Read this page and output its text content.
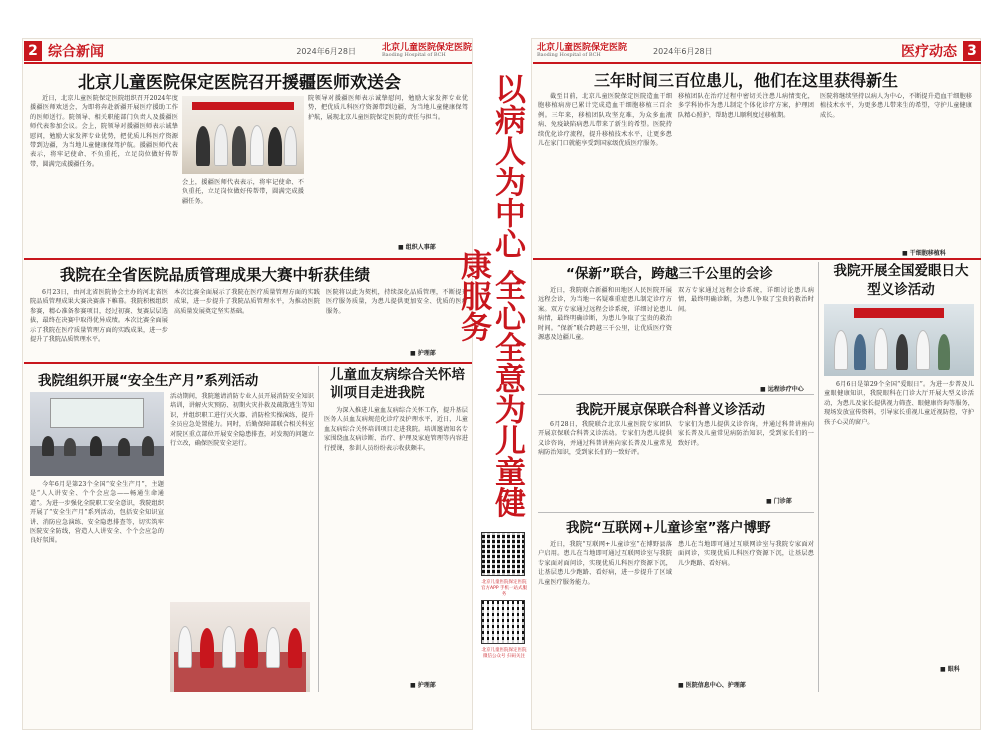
2 综合新闻	2024年6月28日	北京儿童医院保定医院
Baoding Hospital of BCH
北京儿童医院保定医院
Baoding Hospital of BCH	2024年6月28日	医疗动态 3
北京儿童医院保定医院召开援疆医师欢送会
近日，北京儿童医院保定医院组织召开2024年度援疆医师欢送会，为即将奔赴新疆开展医疗援助工作的医师送行。院领导、相关职能部门负责人及援疆医师代表参加会议。会上，院领导对援疆医师表示诚挚慰问，勉励大家发挥专业优势，把优质儿科医疗资源带到边疆，为当地儿童健康保驾护航。援疆医师代表表示，将牢记使命、不负重托，立足岗位做好传帮带，圆满完成援疆任务。
会上，援疆医师代表表示，将牢记使命、不负重托，立足岗位做好传帮带，圆满完成援疆任务。
院领导对援疆医师表示诚挚慰问，勉励大家发挥专业优势，把优质儿科医疗资源带到边疆，为当地儿童健康保驾护航，展现北京儿童医院保定医院的责任与担当。
■ 组织人事部
我院在全省医院品质管理成果大赛中斩获佳绩
6月23日，由河北省医院协会主办的河北省医院品质管理成果大赛决赛落下帷幕。我院积极组织参赛，精心准备参赛项目，经过初赛、复赛层层选拔，最终在决赛中取得优异成绩。本次比赛全面展示了我院在医疗质量管理方面的实践成果，进一步提升了我院品质管理水平。
本次比赛全面展示了我院在医疗质量管理方面的实践成果，进一步提升了我院品质管理水平，为推动医院高质量发展奠定坚实基础。
医院将以此为契机，持续深化品质管理，不断提升医疗服务质量，为患儿提供更加安全、优质的医疗服务。
■ 护理部
我院组织开展“安全生产月”系列活动
今年6月是第23个全国“安全生产月”，主题是“人人讲安全、个个会应急——畅通生命通道”。为进一步强化全院职工安全意识，我院组织开展了“安全生产月”系列活动，包括安全知识宣讲、消防应急演练、安全隐患排查等，切实筑牢医院安全防线，营造人人讲安全、个个会应急的良好氛围。
活动期间，我院邀请消防专业人员开展消防安全知识培训，讲解火灾预防、初期火灾扑救及疏散逃生等知识，并组织职工进行灭火器、消防栓实操演练，提升全员应急处置能力。同时，后勤保障部联合相关科室对院区重点部位开展安全隐患排查，对发现的问题立行立改，确保医院安全运行。
儿童血友病综合关怀培训项目走进我院
为深入推进儿童血友病综合关怀工作，提升基层医务人员血友病规范化诊疗及护理水平，近日，儿童血友病综合关怀培训项目走进我院。培训邀请知名专家围绕血友病诊断、治疗、护理及家庭管理等内容进行授课，参训人员纷纷表示收获颇丰。
■ 护理部
以病人为中心 全心全意为儿童健康服务
北京儿童医院保定医院官方APP 手机一站式服务
北京儿童医院保定医院微信公众号 扫码关注
三年时间三百位患儿，他们在这里获得新生
截至目前，北京儿童医院保定医院造血干细胞移植病房已累计完成造血干细胞移植三百余例。三年来，移植团队攻坚克难，为众多血液病、免疫缺陷病患儿带来了新生的希望。医院持续优化诊疗流程，提升移植技术水平，让更多患儿在家门口就能享受到国家级优质医疗服务。
移植团队在治疗过程中密切关注患儿病情变化，多学科协作为患儿制定个体化诊疗方案，护理团队精心照护，帮助患儿顺利度过移植期。
医院将继续坚持以病人为中心，不断提升造血干细胞移植技术水平，为更多患儿带来生的希望，守护儿童健康成长。
■ 干细胞移植科
“保新”联合，跨越三千公里的会诊
近日，我院联合新疆和田地区人民医院开展远程会诊，为当地一名疑难重症患儿制定诊疗方案。双方专家通过远程会诊系统，详细讨论患儿病情，最终明确诊断，为患儿争取了宝贵的救治时间。“保新”联合跨越三千公里，让优质医疗资源惠及边疆儿童。
双方专家通过远程会诊系统，详细讨论患儿病情，最终明确诊断，为患儿争取了宝贵的救治时间。
■ 远程诊疗中心
我院开展全国爱眼日大型义诊活动
6月6日是第29个全国“爱眼日”。为进一步普及儿童眼健康知识，我院眼科在门诊大厅开展大型义诊活动，为患儿及家长提供视力筛查、眼健康咨询等服务，现场发放宣传资料，引导家长重视儿童近视防控，守护孩子心灵的窗户。
■ 眼科
我院开展京保联合科普义诊活动
6月28日，我院联合北京儿童医院专家团队开展京保联合科普义诊活动。专家们为患儿提供义诊咨询，并通过科普讲座向家长普及儿童常见病防治知识，受到家长们的一致好评。
专家们为患儿提供义诊咨询，并通过科普讲座向家长普及儿童常见病防治知识，受到家长们的一致好评。
■ 门诊部
我院“互联网+儿童诊室”落户博野
近日，我院“互联网+儿童诊室”在博野县落户启用。患儿在当地即可通过互联网诊室与我院专家面对面问诊，实现优质儿科医疗资源下沉，让基层患儿少跑路、看好病，进一步提升了区域儿童医疗服务能力。
患儿在当地即可通过互联网诊室与我院专家面对面问诊，实现优质儿科医疗资源下沉，让基层患儿少跑路、看好病。
■ 医院信息中心、护理部
